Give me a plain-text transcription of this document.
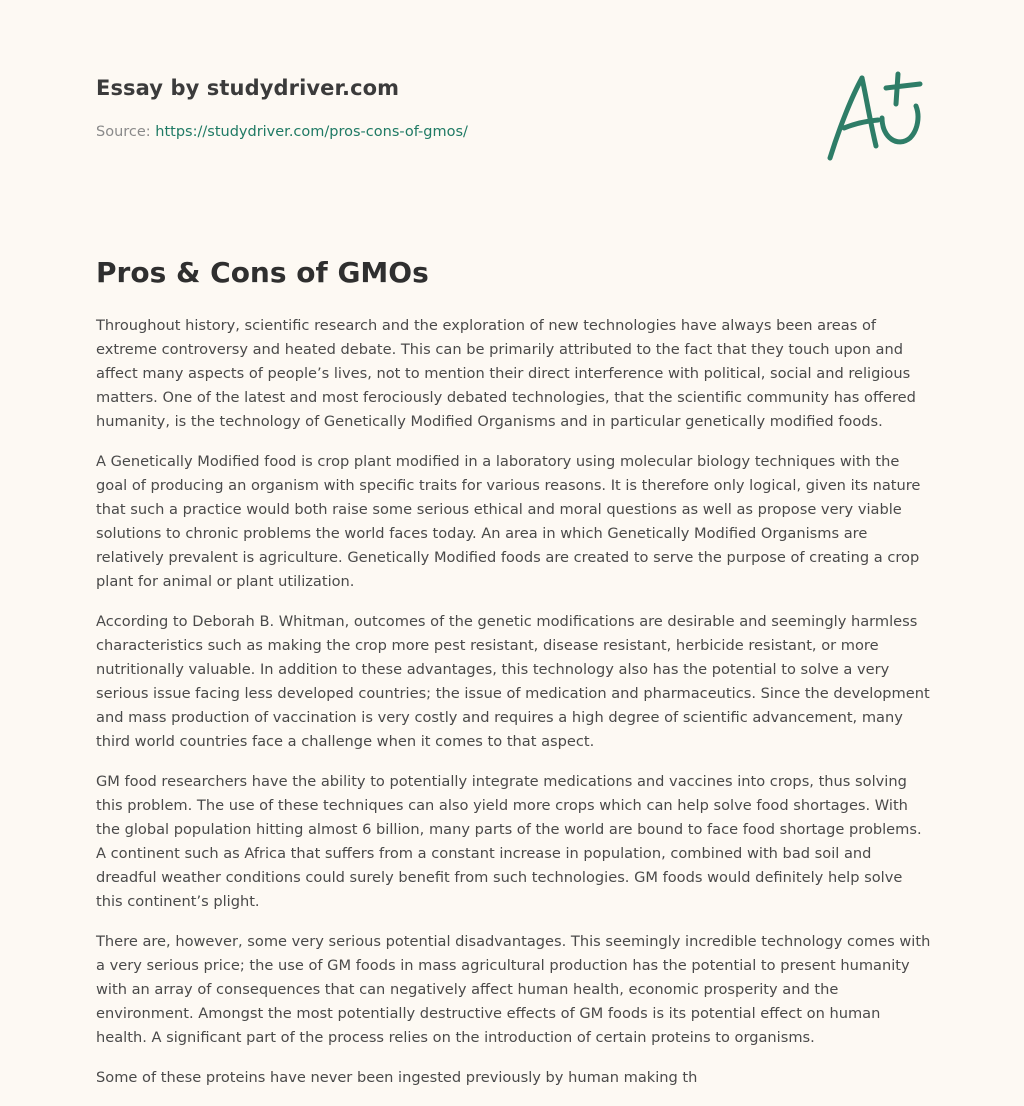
Essay by studydriver.com
Source: https://studydriver.com/pros-cons-of-gmos/
Pros & Cons of GMOs

Throughout history, scientific research and the exploration of new technologies have always been areas of extreme controversy and heated debate. This can be primarily attributed to the fact that they touch upon and affect many aspects of people’s lives, not to mention their direct interference with political, social and religious matters. One of the latest and most ferociously debated technologies, that the scientific community has offered humanity, is the technology of Genetically Modified Organisms and in particular genetically modified foods.

A Genetically Modified food is crop plant modified in a laboratory using molecular biology techniques with the goal of producing an organism with specific traits for various reasons. It is therefore only logical, given its nature that such a practice would both raise some serious ethical and moral questions as well as propose very viable solutions to chronic problems the world faces today. An area in which Genetically Modified Organisms are relatively prevalent is agriculture. Genetically Modified foods are created to serve the purpose of creating a crop plant for animal or plant utilization.

According to Deborah B. Whitman, outcomes of the genetic modifications are desirable and seemingly harmless characteristics such as making the crop more pest resistant, disease resistant, herbicide resistant, or more nutritionally valuable. In addition to these advantages, this technology also has the potential to solve a very serious issue facing less developed countries; the issue of medication and pharmaceutics. Since the development and mass production of vaccination is very costly and requires a high degree of scientific advancement, many third world countries face a challenge when it comes to that aspect.

GM food researchers have the ability to potentially integrate medications and vaccines into crops, thus solving this problem. The use of these techniques can also yield more crops which can help solve food shortages. With the global population hitting almost 6 billion, many parts of the world are bound to face food shortage problems. A continent such as Africa that suffers from a constant increase in population, combined with bad soil and dreadful weather conditions could surely benefit from such technologies. GM foods would definitely help solve this continent’s plight.

There are, however, some very serious potential disadvantages. This seemingly incredible technology comes with a very serious price; the use of GM foods in mass agricultural production has the potential to present humanity with an array of consequences that can negatively affect human health, economic prosperity and the environment. Amongst the most potentially destructive effects of GM foods is its potential effect on human health. A significant part of the process relies on the introduction of certain proteins to organisms.

Some of these proteins have never been ingested previously by human making th
